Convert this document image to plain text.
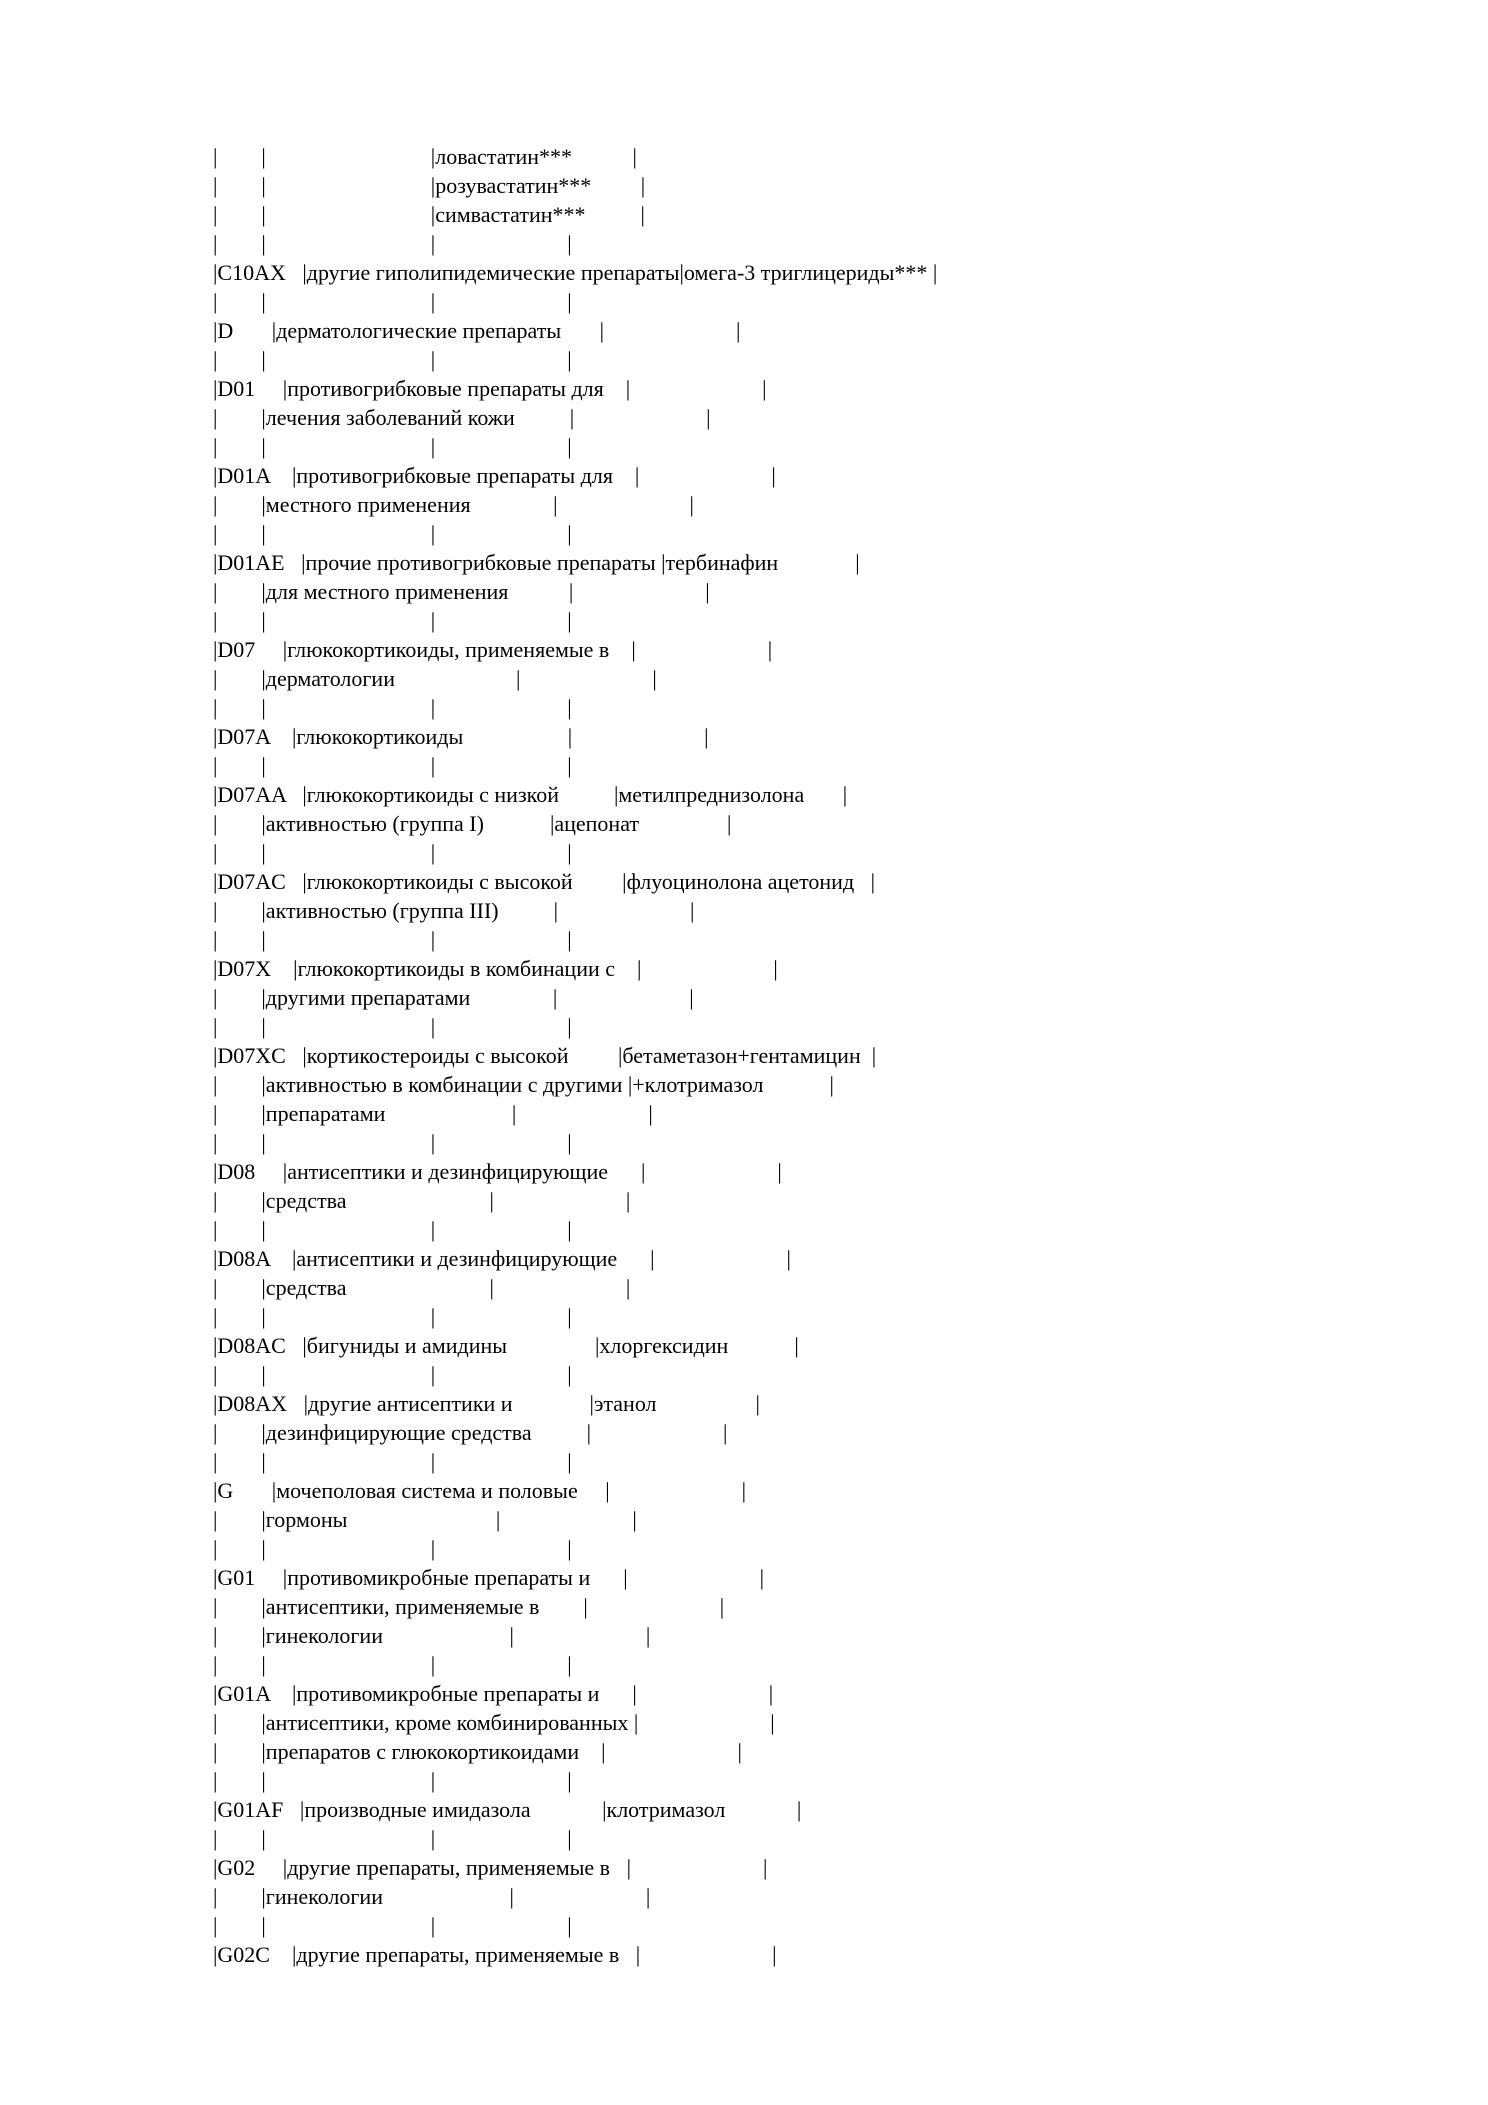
|        |                              |ловастатин***           |
|        |                              |розувастатин***         |
|        |                              |симвастатин***          |
|        |                              |                        |
|C10AX   |другие гиполипидемические препараты|омега-3 триглицериды*** |
|        |                              |                        |
|D       |дерматологические препараты       |                        |
|        |                              |                        |
|D01     |противогрибковые препараты для    |                        |
|        |лечения заболеваний кожи          |                        |
|        |                              |                        |
|D01A    |противогрибковые препараты для    |                        |
|        |местного применения               |                        |
|        |                              |                        |
|D01AE   |прочие противогрибковые препараты |тербинафин              |
|        |для местного применения           |                        |
|        |                              |                        |
|D07     |глюкокортикоиды, применяемые в    |                        |
|        |дерматологии                      |                        |
|        |                              |                        |
|D07A    |глюкокортикоиды                   |                        |
|        |                              |                        |
|D07AA   |глюкокортикоиды с низкой          |метилпреднизолона       |
|        |активностью (группа I)            |ацепонат                |
|        |                              |                        |
|D07AC   |глюкокортикоиды с высокой         |флуоцинолона ацетонид   |
|        |активностью (группа III)          |                        |
|        |                              |                        |
|D07X    |глюкокортикоиды в комбинации с    |                        |
|        |другими препаратами               |                        |
|        |                              |                        |
|D07XC   |кортикостероиды с высокой         |бетаметазон+гентамицин  |
|        |активностью в комбинации с другими |+клотримазол            |
|        |препаратами                       |                        |
|        |                              |                        |
|D08     |антисептики и дезинфицирующие      |                        |
|        |средства                          |                        |
|        |                              |                        |
|D08A    |антисептики и дезинфицирующие      |                        |
|        |средства                          |                        |
|        |                              |                        |
|D08AC   |бигуниды и амидины                |хлоргексидин            |
|        |                              |                        |
|D08AX   |другие антисептики и              |этанол                  |
|        |дезинфицирующие средства          |                        |
|        |                              |                        |
|G       |мочеполовая система и половые     |                        |
|        |гормоны                           |                        |
|        |                              |                        |
|G01     |противомикробные препараты и      |                        |
|        |антисептики, применяемые в        |                        |
|        |гинекологии                       |                        |
|        |                              |                        |
|G01A    |противомикробные препараты и      |                        |
|        |антисептики, кроме комбинированных |                        |
|        |препаратов с глюкокортикоидами    |                        |
|        |                              |                        |
|G01AF   |производные имидазола             |клотримазол             |
|        |                              |                        |
|G02     |другие препараты, применяемые в   |                        |
|        |гинекологии                       |                        |
|        |                              |                        |
|G02C    |другие препараты, применяемые в   |                        |
